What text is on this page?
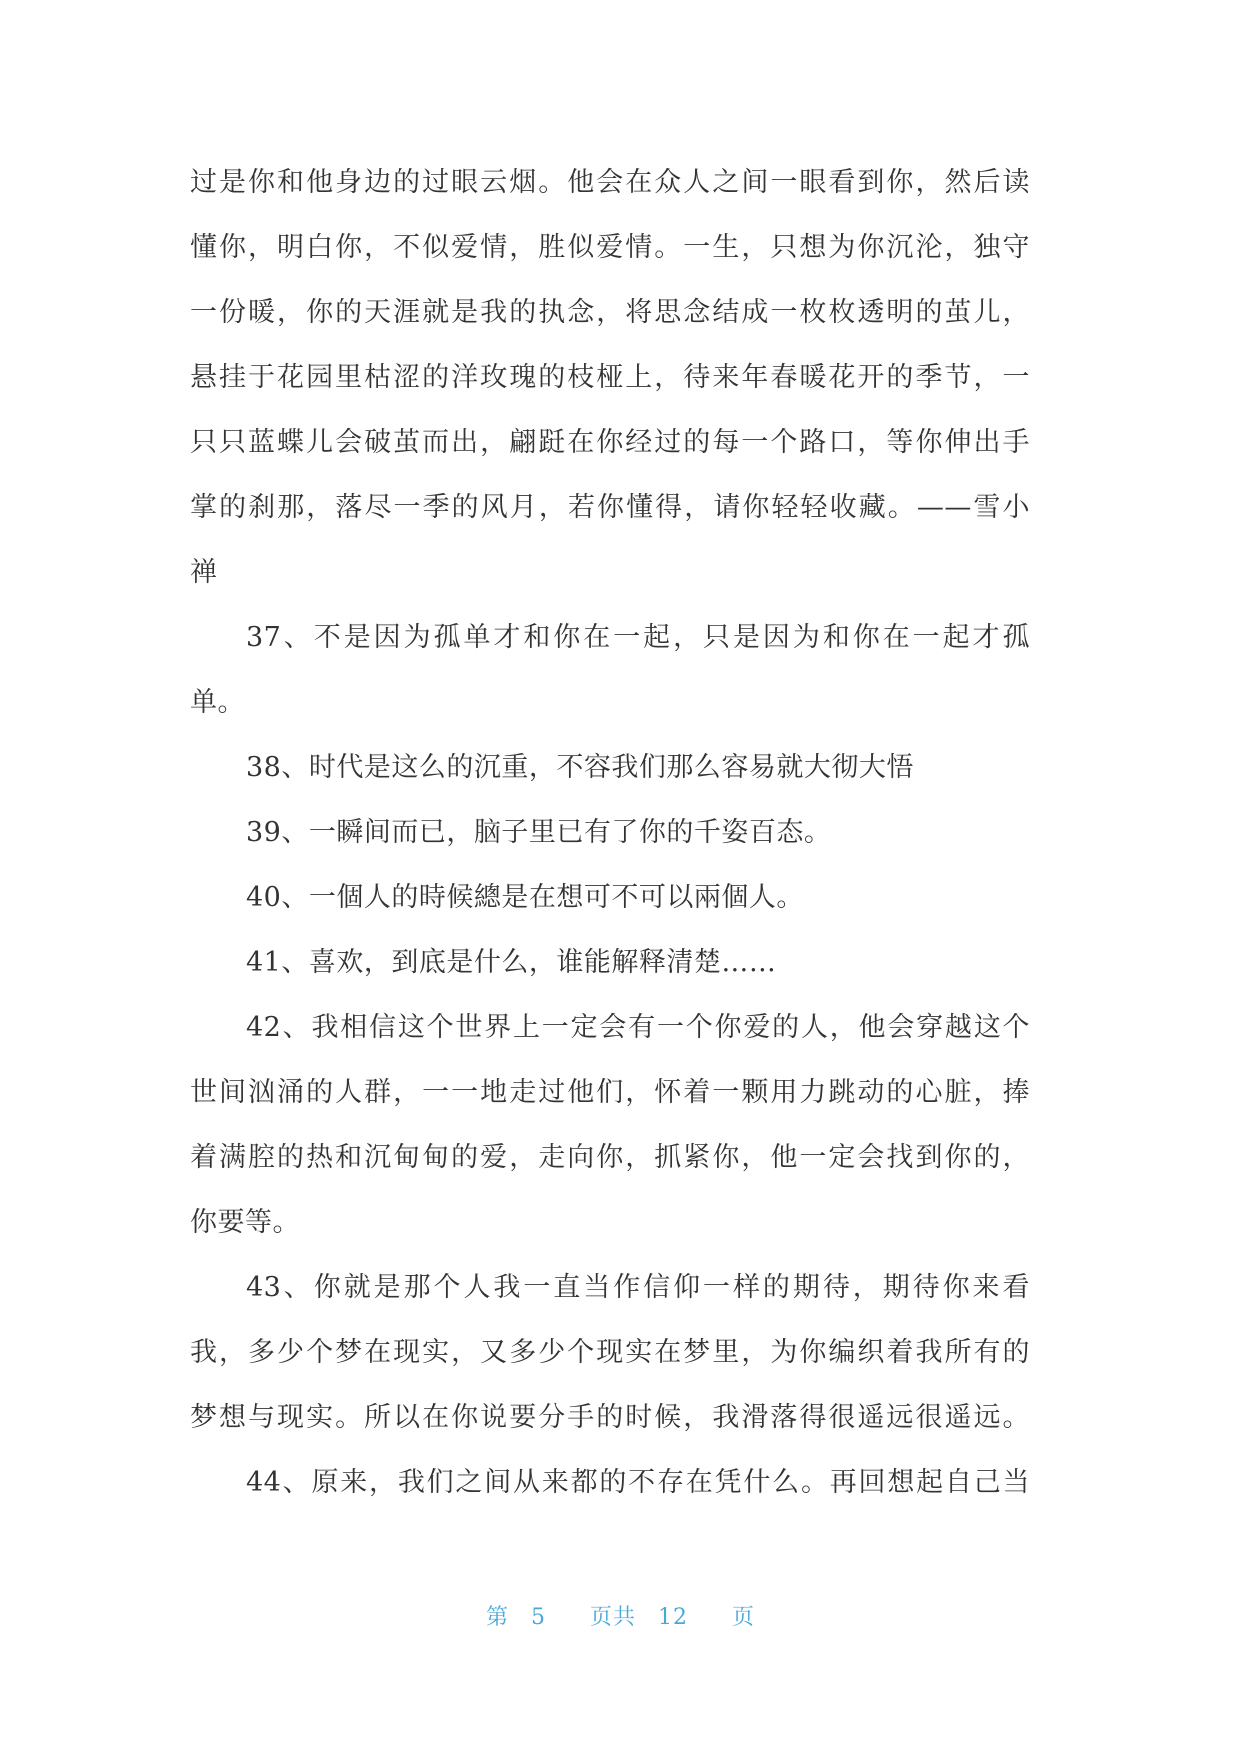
过是你和他身边的过眼云烟。他会在众人之间一眼看到你，然后读
懂你，明白你，不似爱情，胜似爱情。一生，只想为你沉沦，独守
一份暖，你的天涯就是我的执念，将思念结成一枚枚透明的茧儿，
悬挂于花园里枯涩的洋玫瑰的枝桠上，待来年春暖花开的季节，一
只只蓝蝶儿会破茧而出，翩跹在你经过的每一个路口，等你伸出手
掌的刹那，落尽一季的风月，若你懂得，请你轻轻收藏。——雪小
禅
37、不是因为孤单才和你在一起，只是因为和你在一起才孤
单。
38、时代是这么的沉重，不容我们那么容易就大彻大悟
39、一瞬间而已，脑子里已有了你的千姿百态。
40、一個人的時候總是在想可不可以兩個人。
41、喜欢，到底是什么，谁能解释清楚……
42、我相信这个世界上一定会有一个你爱的人，他会穿越这个
世间汹涌的人群，一一地走过他们，怀着一颗用力跳动的心脏，捧
着满腔的热和沉甸甸的爱，走向你，抓紧你，他一定会找到你的，
你要等。
43、你就是那个人我一直当作信仰一样的期待，期待你来看
我，多少个梦在现实，又多少个现实在梦里，为你编织着我所有的
梦想与现实。所以在你说要分手的时候，我滑落得很遥远很遥远。
44、原来，我们之间从来都的不存在凭什么。再回想起自己当
第 5 页共 12 页
